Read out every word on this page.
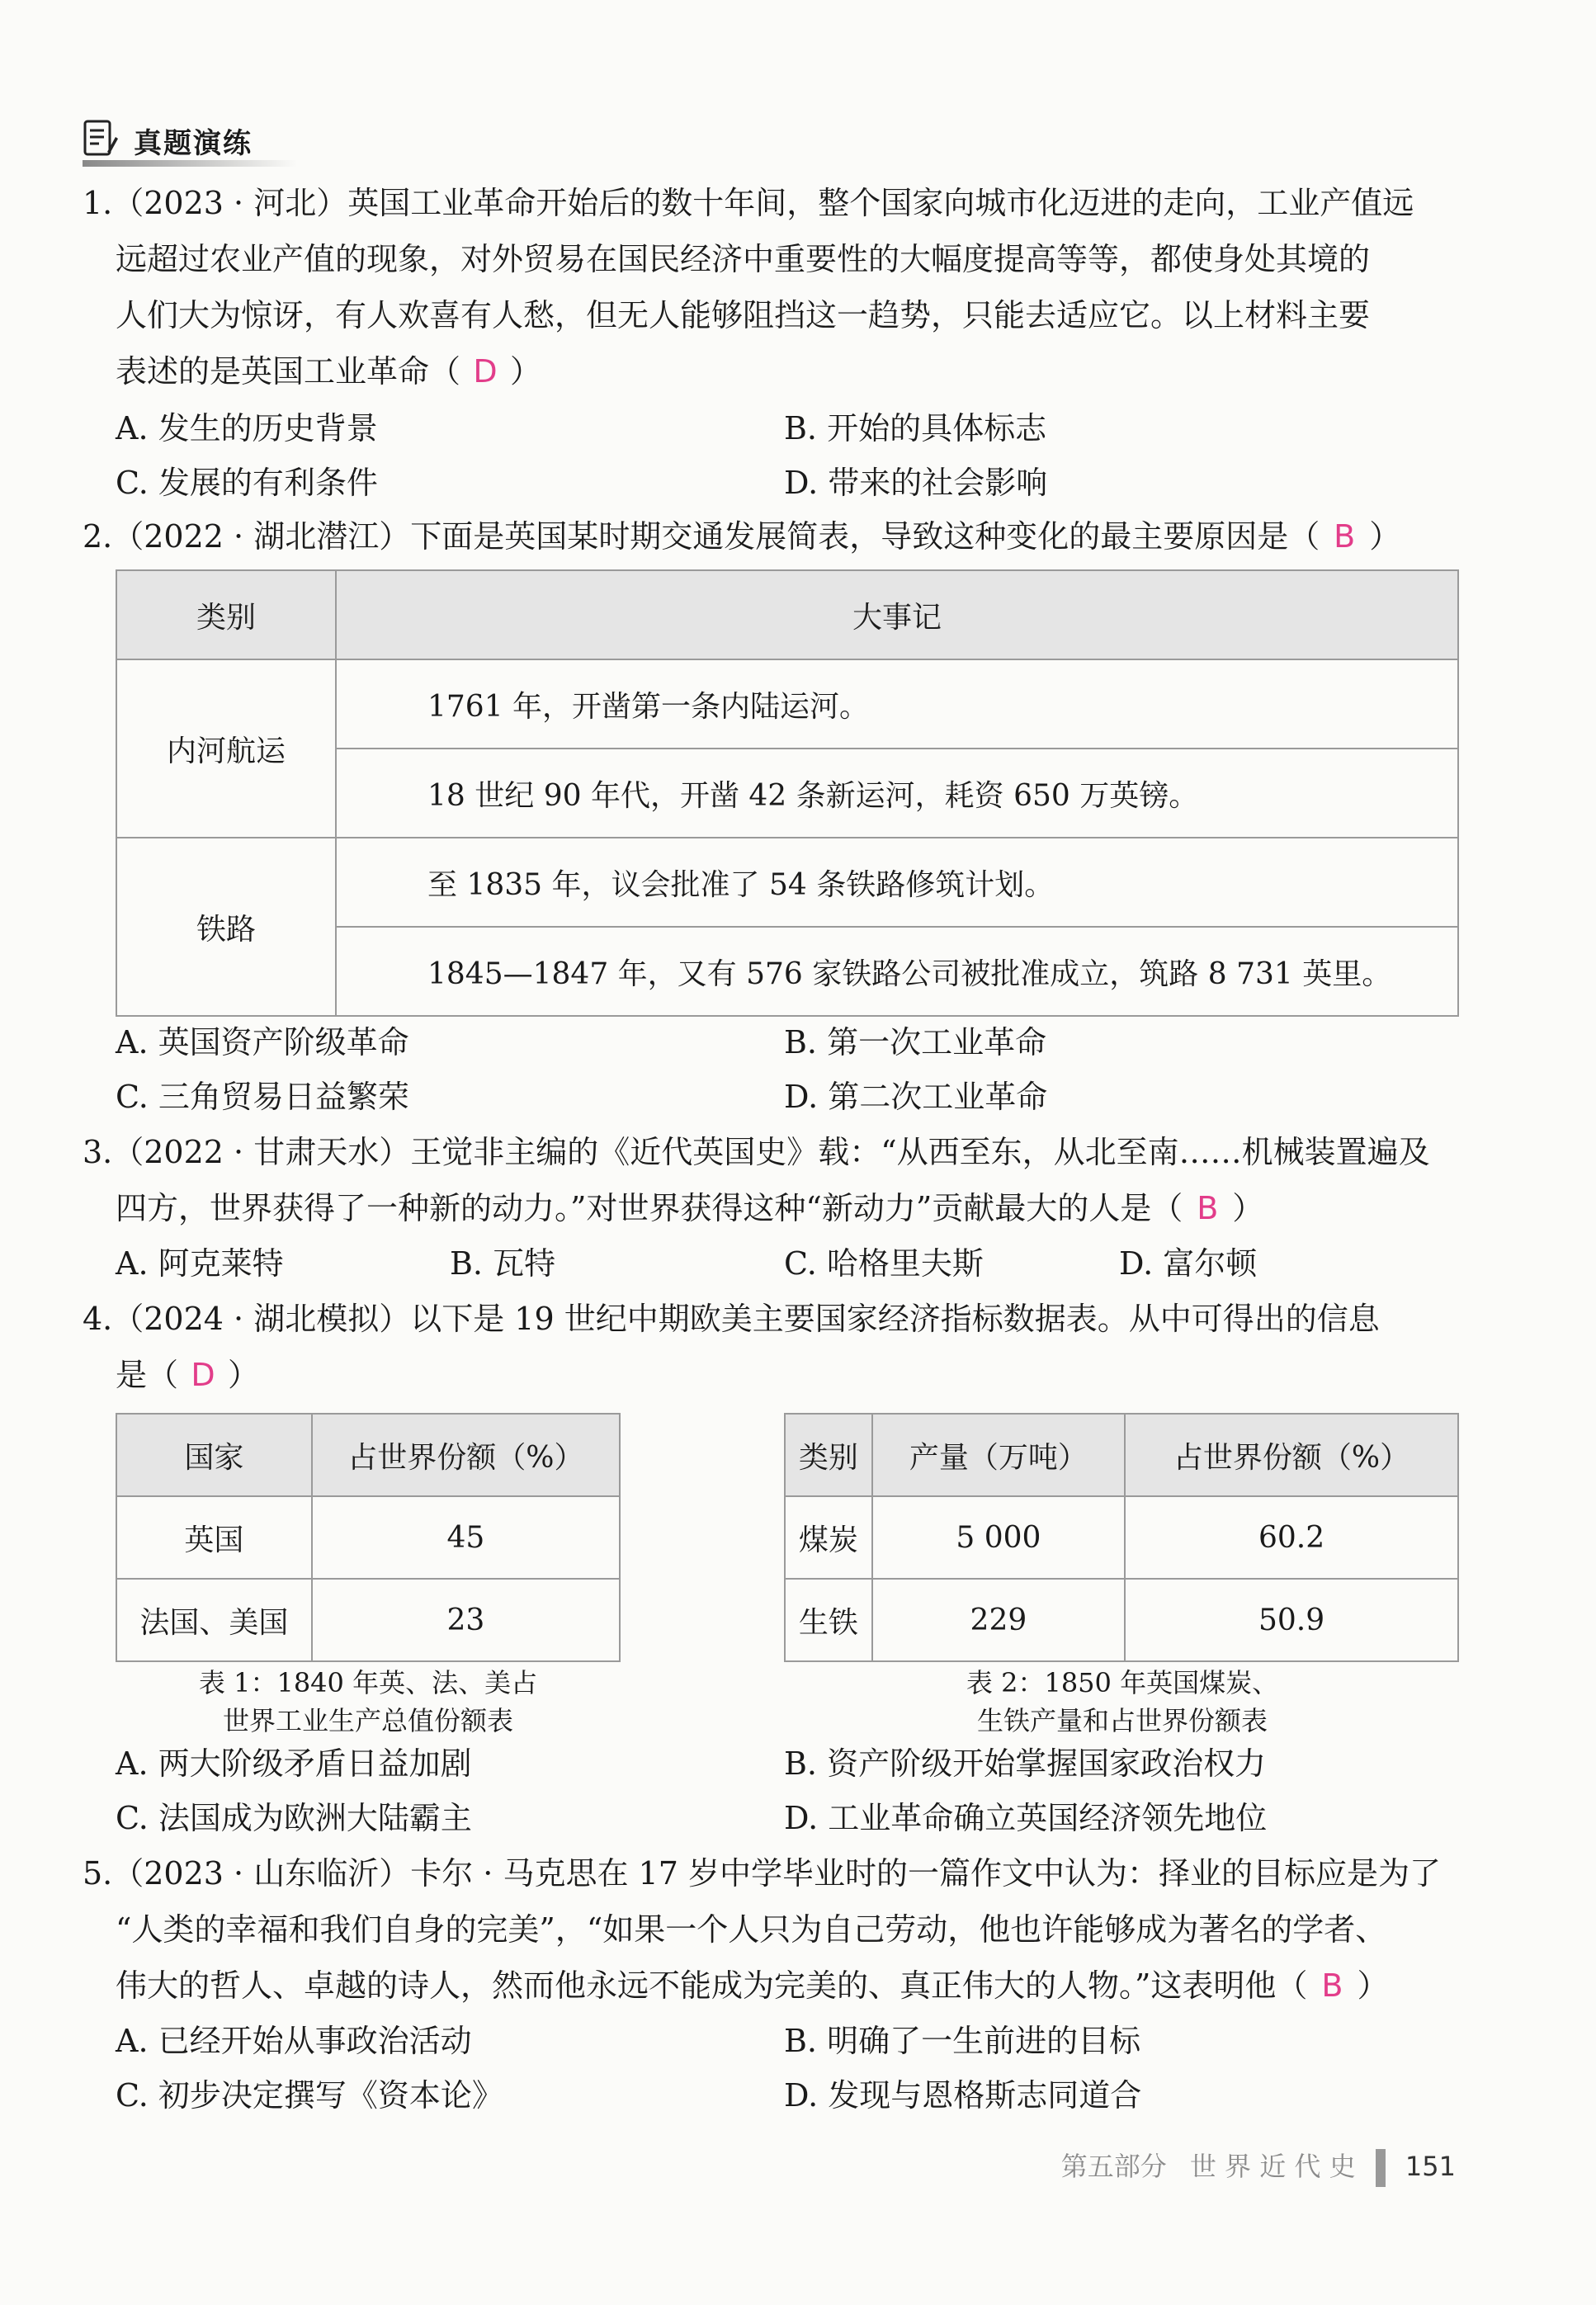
真题演练
1.（2023 · 河北）英国工业革命开始后的数十年间，整个国家向城市化迈进的走向，工业产值远
远超过农业产值的现象，对外贸易在国民经济中重要性的大幅度提高等等，都使身处其境的
人们大为惊讶，有人欢喜有人愁，但无人能够阻挡这一趋势，只能去适应它。以上材料主要
表述的是英国工业革命（ D ）
A. 发生的历史背景	B. 开始的具体标志
C. 发展的有利条件	D. 带来的社会影响
2.（2022 · 湖北潜江）下面是英国某时期交通发展简表，导致这种变化的最主要原因是（ B ）
类别	大事记
内河航运	1761 年，开凿第一条内陆运河。
	18 世纪 90 年代，开凿 42 条新运河，耗资 650 万英镑。
铁路	至 1835 年，议会批准了 54 条铁路修筑计划。
	1845—1847 年，又有 576 家铁路公司被批准成立，筑路 8 731 英里。
A. 英国资产阶级革命	B. 第一次工业革命
C. 三角贸易日益繁荣	D. 第二次工业革命
3.（2022 · 甘肃天水）王觉非主编的《近代英国史》载：“从西至东，从北至南……机械装置遍及
四方，世界获得了一种新的动力。”对世界获得这种“新动力”贡献最大的人是（ B ）
A. 阿克莱特	B. 瓦特	C. 哈格里夫斯	D. 富尔顿
4.（2024 · 湖北模拟）以下是 19 世纪中期欧美主要国家经济指标数据表。从中可得出的信息
是（ D ）
国家	占世界份额（%）
英国	45
法国、美国	23
类别	产量（万吨）	占世界份额（%）
煤炭	5 000	60.2
生铁	229	50.9
表 1：1840 年英、法、美占
世界工业生产总值份额表
表 2：1850 年英国煤炭、
生铁产量和占世界份额表
A. 两大阶级矛盾日益加剧	B. 资产阶级开始掌握国家政治权力
C. 法国成为欧洲大陆霸主	D. 工业革命确立英国经济领先地位
5.（2023 · 山东临沂）卡尔 · 马克思在 17 岁中学毕业时的一篇作文中认为：择业的目标应是为了
“人类的幸福和我们自身的完美”，“如果一个人只为自己劳动，他也许能够成为著名的学者、
伟大的哲人、卓越的诗人，然而他永远不能成为完美的、真正伟大的人物。”这表明他（ B ）
A. 已经开始从事政治活动	B. 明确了一生前进的目标
C. 初步决定撰写《资本论》	D. 发现与恩格斯志同道合
第五部分 世 界 近 代 史 151
